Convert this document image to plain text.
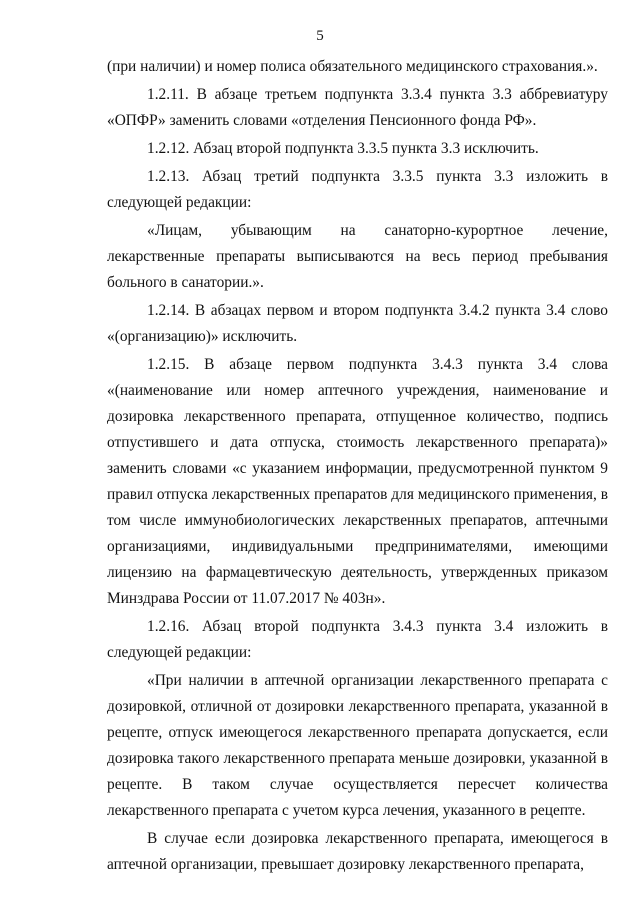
5

(при наличии) и номер полиса обязательного медицинского страхования.».

1.2.11. В абзаце третьем подпункта 3.3.4 пункта 3.3 аббревиатуру «ОПФР» заменить словами «отделения Пенсионного фонда РФ».

1.2.12. Абзац второй подпункта 3.3.5 пункта 3.3 исключить.

1.2.13. Абзац третий подпункта 3.3.5 пункта 3.3 изложить в следующей редакции:

«Лицам, убывающим на санаторно-курортное лечение, лекарственные препараты выписываются на весь период пребывания больного в санатории.».

1.2.14. В абзацах первом и втором подпункта 3.4.2 пункта 3.4 слово «(организацию)» исключить.

1.2.15. В абзаце первом подпункта 3.4.3 пункта 3.4 слова «(наименование или номер аптечного учреждения, наименование и дозировка лекарственного препарата, отпущенное количество, подпись отпустившего и дата отпуска, стоимость лекарственного препарата)» заменить словами «с указанием информации, предусмотренной пунктом 9 правил отпуска лекарственных препаратов для медицинского применения, в том числе иммунобиологических лекарственных препаратов, аптечными организациями, индивидуальными предпринимателями, имеющими лицензию на фармацевтическую деятельность, утвержденных приказом Минздрава России от 11.07.2017 № 403н».

1.2.16. Абзац второй подпункта 3.4.3 пункта 3.4 изложить в следующей редакции:

«При наличии в аптечной организации лекарственного препарата с дозировкой, отличной от дозировки лекарственного препарата, указанной в рецепте, отпуск имеющегося лекарственного препарата допускается, если дозировка такого лекарственного препарата меньше дозировки, указанной в рецепте. В таком случае осуществляется пересчет количества лекарственного препарата с учетом курса лечения, указанного в рецепте.

В случае если дозировка лекарственного препарата, имеющегося в аптечной организации, превышает дозировку лекарственного препарата,
